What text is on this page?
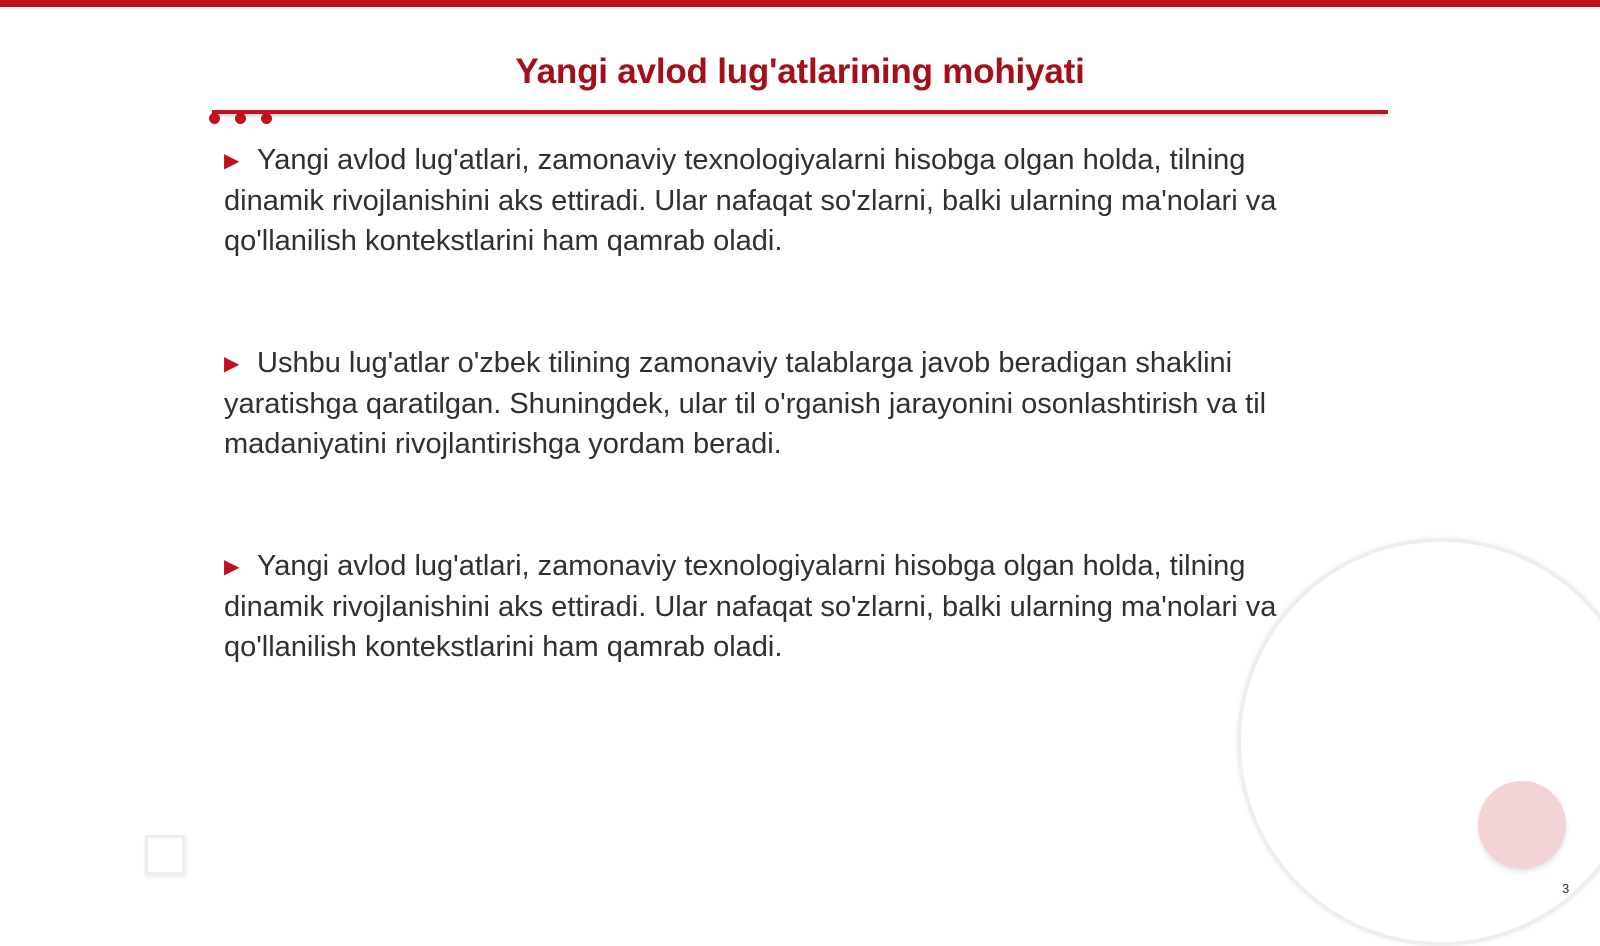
Yangi avlod lug'atlarining mohiyati

▶ Yangi avlod lug'atlari, zamonaviy texnologiyalarni hisobga olgan holda, tilning
dinamik rivojlanishini aks ettiradi. Ular nafaqat so'zlarni, balki ularning ma'nolari va
qo'llanilish kontekstlarini ham qamrab oladi.

▶ Ushbu lug'atlar o'zbek tilining zamonaviy talablarga javob beradigan shaklini
yaratishga qaratilgan. Shuningdek, ular til o'rganish jarayonini osonlashtirish va til
madaniyatini rivojlantirishga yordam beradi.

▶ Yangi avlod lug'atlari, zamonaviy texnologiyalarni hisobga olgan holda, tilning
dinamik rivojlanishini aks ettiradi. Ular nafaqat so'zlarni, balki ularning ma'nolari va
qo'llanilish kontekstlarini ham qamrab oladi.

3
